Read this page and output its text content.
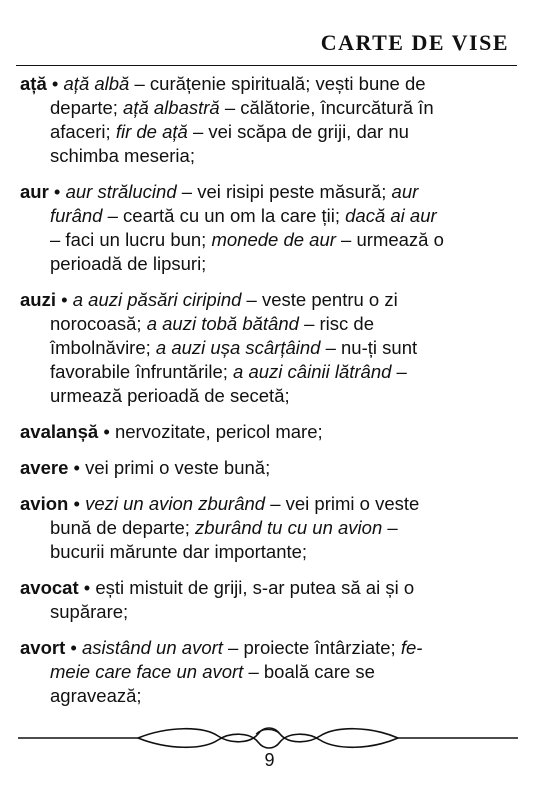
CARTE DE VISE
ață • ață albă – curățenie spirituală; vești bune de
departe; ață albastră – călătorie, încurcătură în
afaceri; fir de ață – vei scăpa de griji, dar nu
schimba meseria;
aur • aur strălucind – vei risipi peste măsură; aur
furând – ceartă cu un om la care ții; dacă ai aur
– faci un lucru bun; monede de aur – urmează o
perioadă de lipsuri;
auzi • a auzi păsări ciripind – veste pentru o zi
norocoasă; a auzi tobă bătând – risc de
îmbolnăvire; a auzi ușa scârțâind – nu-ți sunt
favorabile înfruntările; a auzi câinii lătrând –
urmează perioadă de secetă;
avalanșă • nervozitate, pericol mare;
avere • vei primi o veste bună;
avion • vezi un avion zburând – vei primi o veste
bună de departe; zburând tu cu un avion –
bucurii mărunte dar importante;
avocat • ești mistuit de griji, s-ar putea să ai și o
supărare;
avort • asistând un avort – proiecte întârziate; fe-
meie care face un avort – boală care se
agravează;
9
